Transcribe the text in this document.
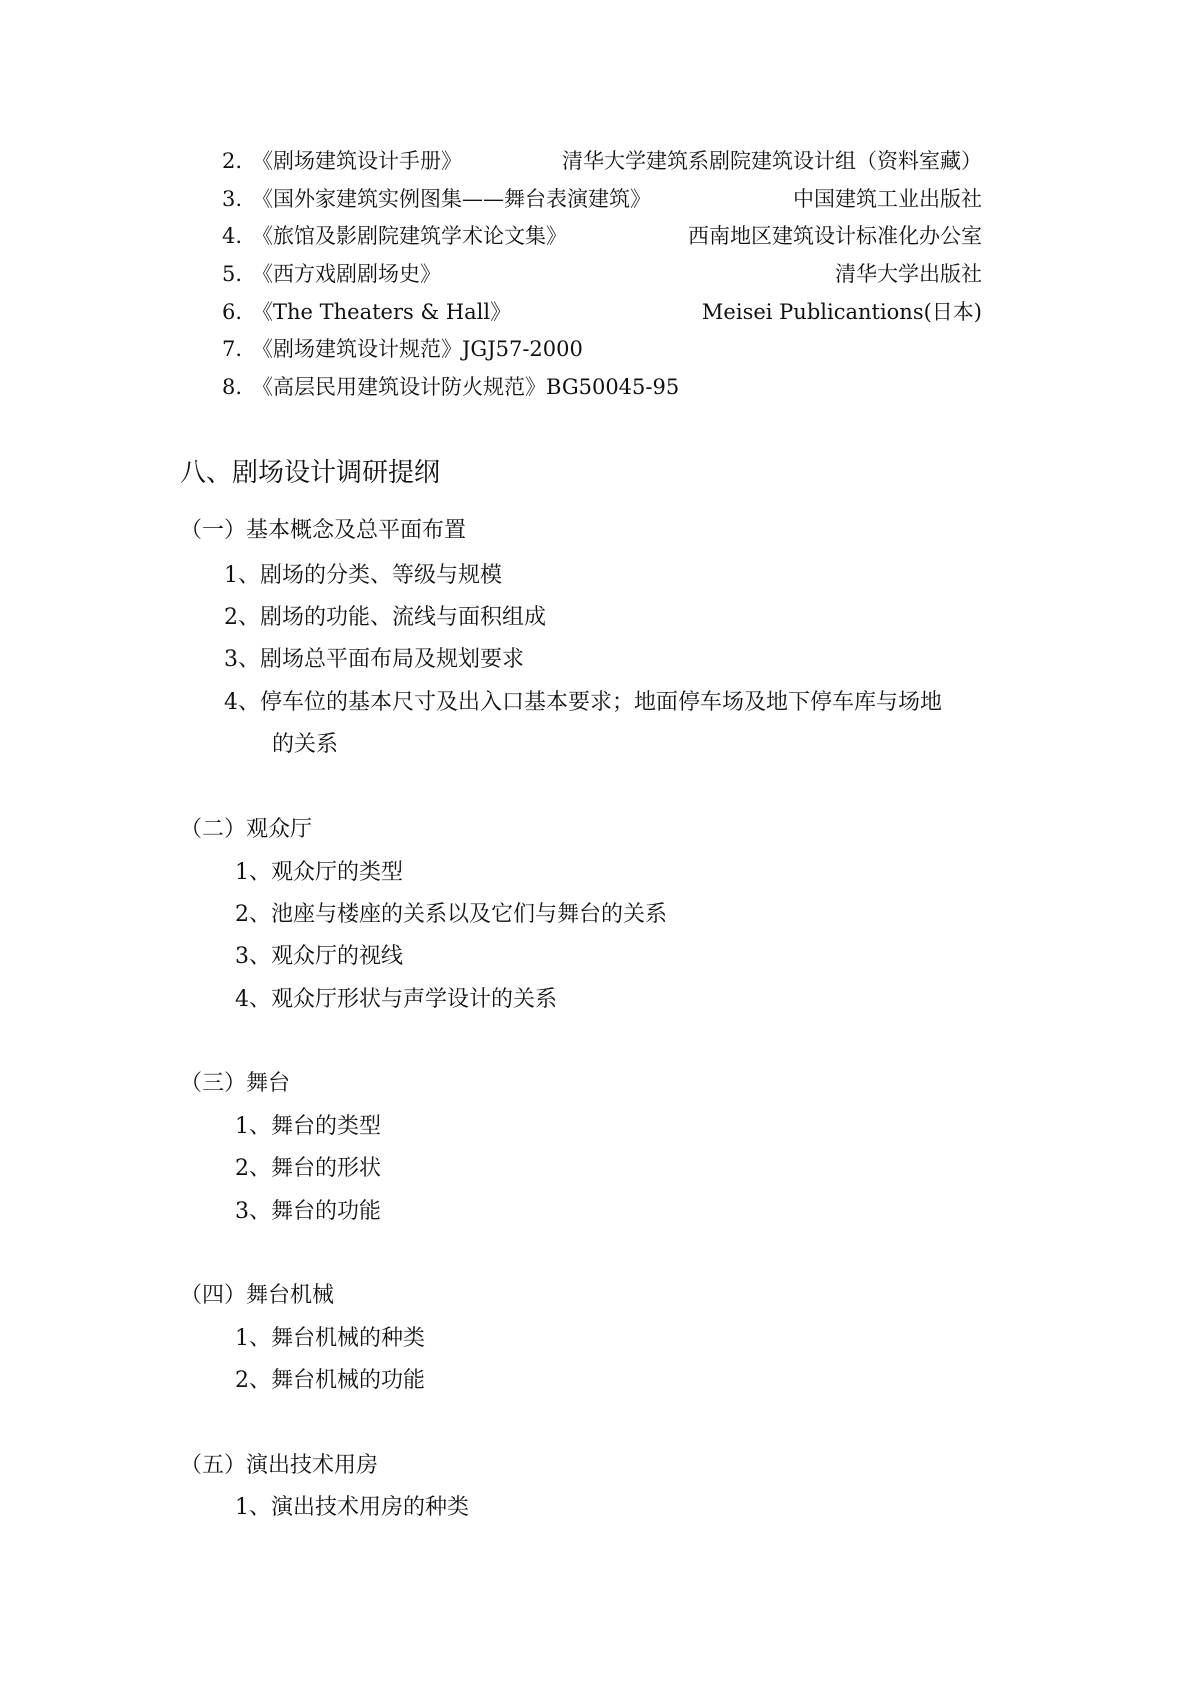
2. 《剧场建筑设计手册》	清华大学建筑系剧院建筑设计组（资料室藏）
3. 《国外家建筑实例图集——舞台表演建筑》	中国建筑工业出版社
4. 《旅馆及影剧院建筑学术论文集》	西南地区建筑设计标准化办公室
5. 《西方戏剧剧场史》	清华大学出版社
6. 《The Theaters & Hall》	Meisei Publicantions(日本)
7. 《剧场建筑设计规范》JGJ57-2000
8. 《高层民用建筑设计防火规范》BG50045-95
八、剧场设计调研提纲
（一）基本概念及总平面布置
1、剧场的分类、等级与规模
2、剧场的功能、流线与面积组成
3、剧场总平面布局及规划要求
4、停车位的基本尺寸及出入口基本要求；地面停车场及地下停车库与场地
的关系
（二）观众厅
1、观众厅的类型
2、池座与楼座的关系以及它们与舞台的关系
3、观众厅的视线
4、观众厅形状与声学设计的关系
（三）舞台
1、舞台的类型
2、舞台的形状
3、舞台的功能
（四）舞台机械
1、舞台机械的种类
2、舞台机械的功能
（五）演出技术用房
1、演出技术用房的种类
